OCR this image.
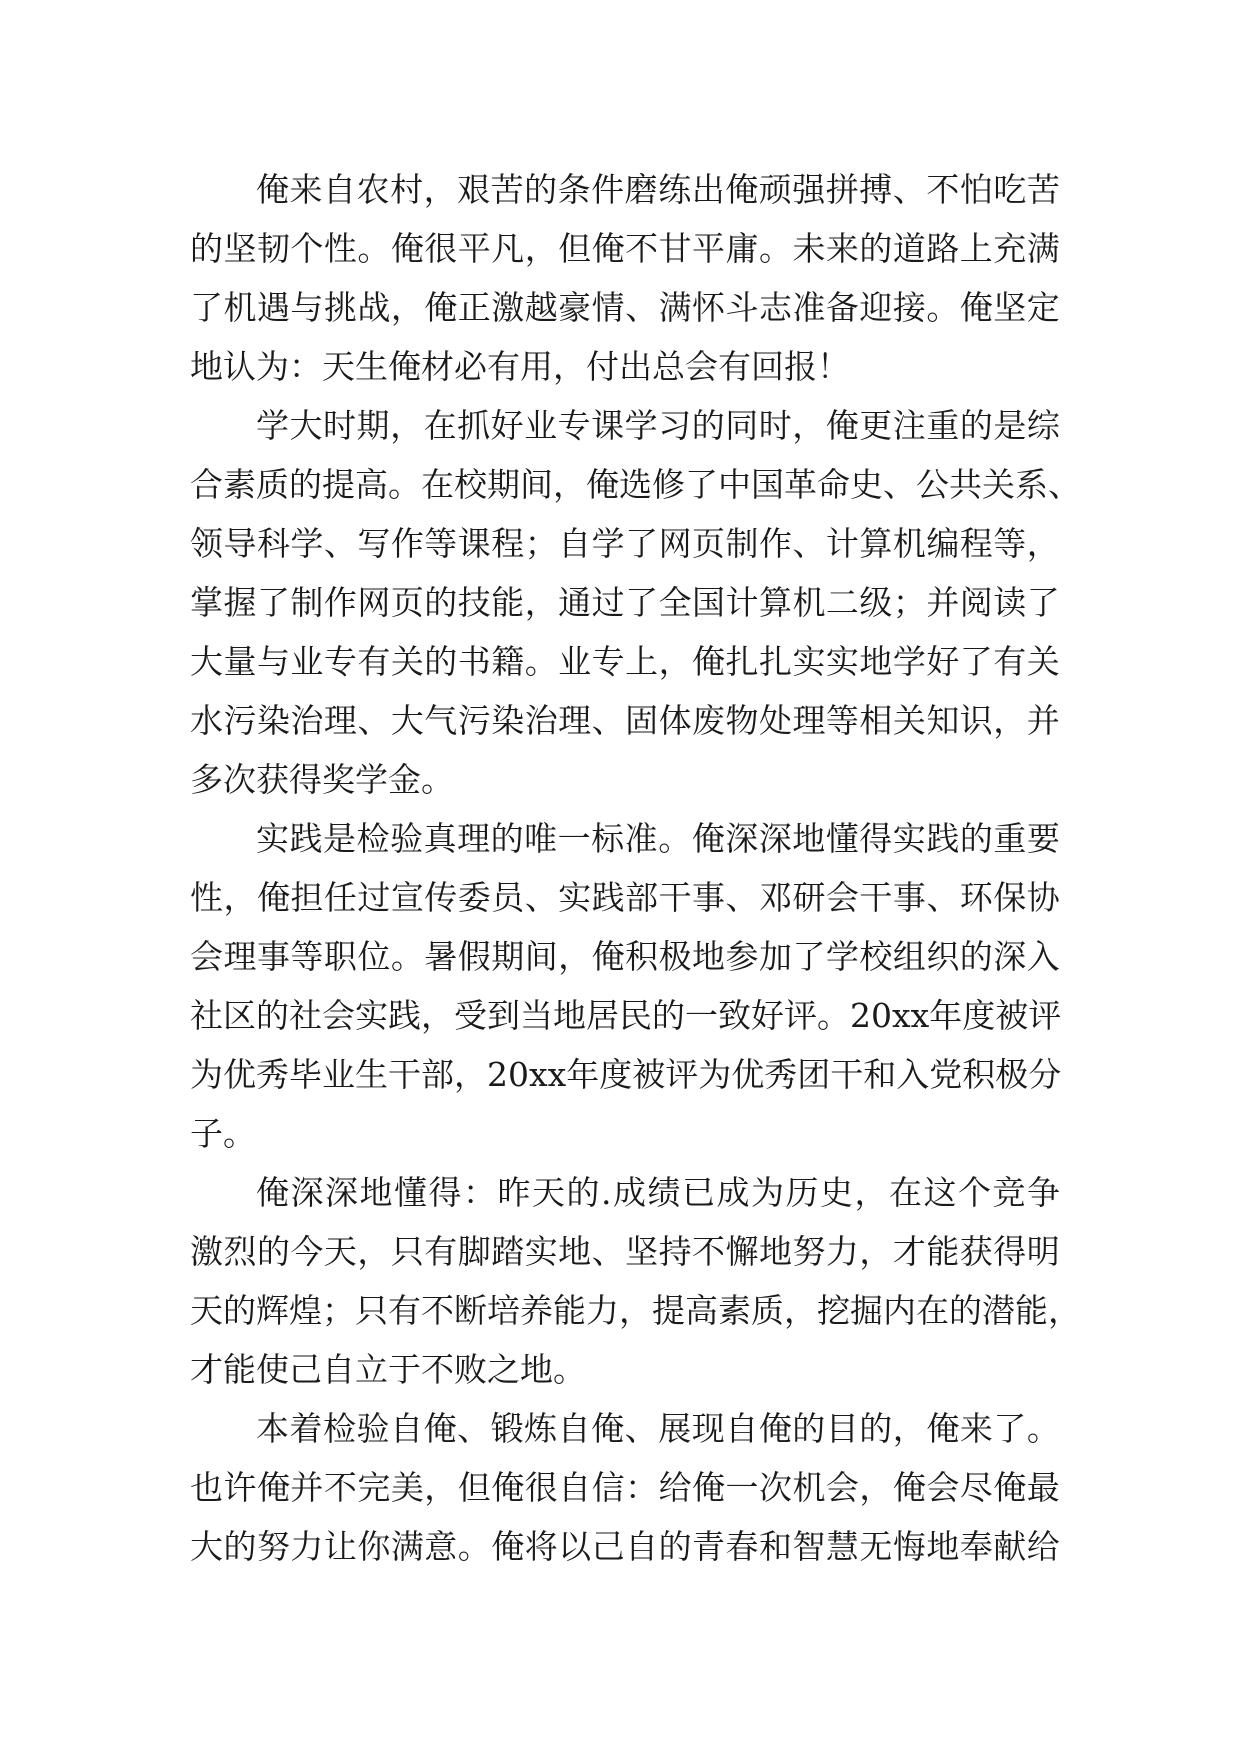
俺 来 自 农 村 ， 艰 苦 的 条 件 磨 练 出 俺 顽 强 拼 搏 、 不 怕 吃 苦
的 坚 韧 个 性 。 俺 很 平 凡 ， 但 俺 不 甘 平 庸 。 未 来 的 道 路 上 充 满
了 机 遇 与 挑 战 ， 俺 正 激 越 豪 情 、 满 怀 斗 志 准 备 迎 接 。 俺 坚 定
地认为：天生俺材必有用，付出总会有回报！
学 大 时 期 ， 在 抓 好 业 专 课 学 习 的 同 时 ， 俺 更 注 重 的 是 综
合 素 质 的 提 高 。 在 校 期 间 ， 俺 选 修 了 中 国 革 命 史 、 公 共 关 系 、
领 导 科 学 、 写 作 等 课 程 ； 自 学 了 网 页 制 作 、 计 算 机 编 程 等 ，
掌 握 了 制 作 网 页 的 技 能 ， 通 过 了 全 国 计 算 机 二 级 ； 并 阅 读 了
大 量 与 业 专 有 关 的 书 籍 。 业 专 上 ， 俺 扎 扎 实 实 地 学 好 了 有 关
水 污 染 治 理 、 大 气 污 染 治 理 、 固 体 废 物 处 理 等 相 关 知 识 ， 并
多次获得奖学金。
实 践 是 检 验 真 理 的 唯 一 标 准 。 俺 深 深 地 懂 得 实 践 的 重 要
性 ， 俺 担 任 过 宣 传 委 员 、 实 践 部 干 事 、 邓 研 会 干 事 、 环 保 协
会 理 事 等 职 位 。 暑 假 期 间 ， 俺 积 极 地 参 加 了 学 校 组 织 的 深 入
社 区 的 社 会 实 践 ， 受 到 当 地 居 民 的 一 致 好 评 。 20xx 年 度 被 评
为 优 秀 毕 业 生 干 部 ， 20xx 年 度 被 评 为 优 秀 团 干 和 入 党 积 极 分
子。
俺 深 深 地 懂 得 ： 昨 天 的 . 成 绩 已 成 为 历 史 ， 在 这 个 竞 争
激 烈 的 今 天 ， 只 有 脚 踏 实 地 、 坚 持 不 懈 地 努 力 ， 才 能 获 得 明
天 的 辉 煌 ； 只 有 不 断 培 养 能 力 ， 提 高 素 质 ， 挖 掘 内 在 的 潜 能 ，
才能使己自立于不败之地。
本 着 检 验 自 俺 、 锻 炼 自 俺 、 展 现 自 俺 的 目 的 ， 俺 来 了 。
也 许 俺 并 不 完 美 ， 但 俺 很 自 信 ： 给 俺 一 次 机 会 ， 俺 会 尽 俺 最
大 的 努 力 让 你 满 意 。 俺 将 以 己 自 的 青 春 和 智 慧 无 悔 地 奉 献 给
